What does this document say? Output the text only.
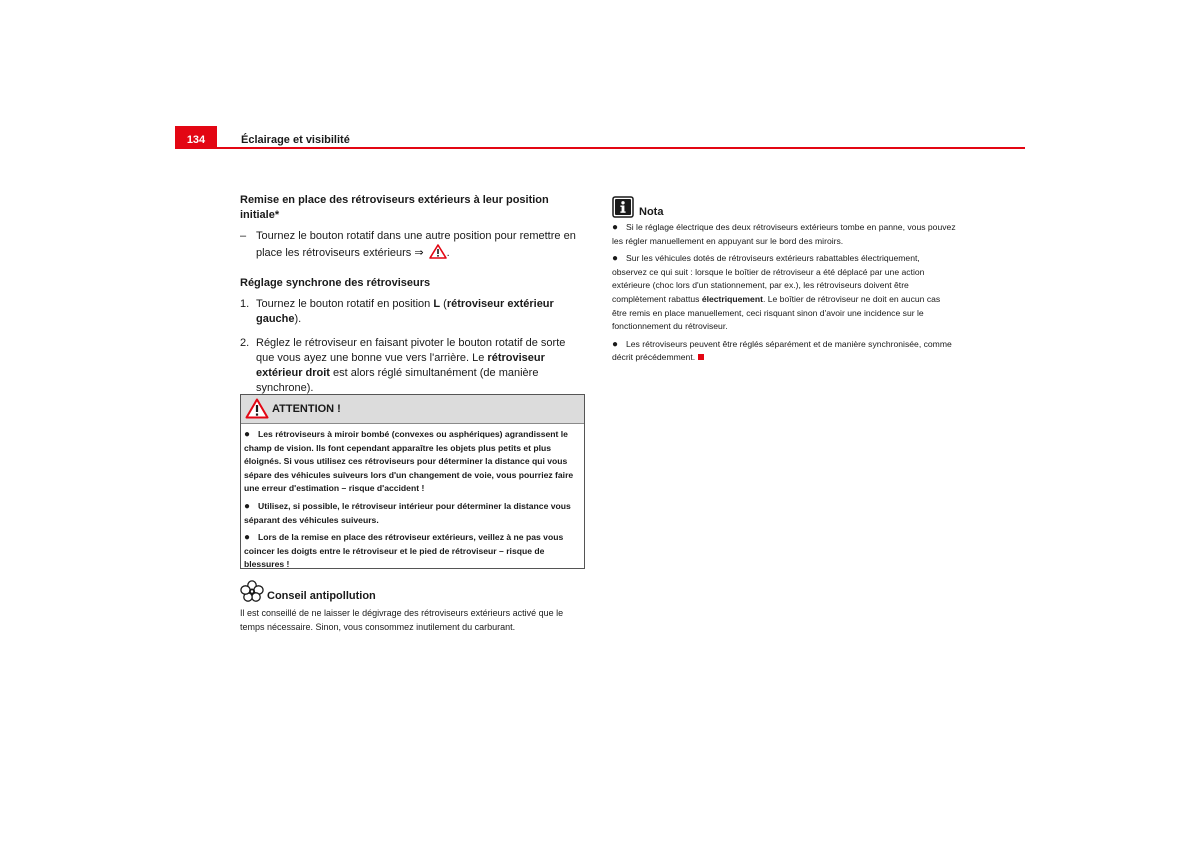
134	Éclairage et visibilité
Remise en place des rétroviseurs extérieurs à leur position initiale*
– Tournez le bouton rotatif dans une autre position pour remettre en place les rétroviseurs extérieurs ⇒ .
Réglage synchrone des rétroviseurs
1. Tournez le bouton rotatif en position L (rétroviseur extérieur gauche).
2. Réglez le rétroviseur en faisant pivoter le bouton rotatif de sorte que vous ayez une bonne vue vers l'arrière. Le rétroviseur extérieur droit est alors réglé simultanément (de manière synchrone).
ATTENTION !

● Les rétroviseurs à miroir bombé (convexes ou asphériques) agrandissent le champ de vision. Ils font cependant apparaître les objets plus petits et plus éloignés. Si vous utilisez ces rétroviseurs pour déterminer la distance qui vous sépare des véhicules suiveurs lors d'un changement de voie, vous pourriez faire une erreur d'estimation – risque d'accident !

● Utilisez, si possible, le rétroviseur intérieur pour déterminer la distance vous séparant des véhicules suiveurs.

● Lors de la remise en place des rétroviseur extérieurs, veillez à ne pas vous coincer les doigts entre le rétroviseur et le pied de rétroviseur – risque de blessures !

Conseil antipollution
Il est conseillé de ne laisser le dégivrage des rétroviseurs extérieurs activé que le temps nécessaire. Sinon, vous consommez inutilement du carburant.
Nota

● Si le réglage électrique des deux rétroviseurs extérieurs tombe en panne, vous pouvez les régler manuellement en appuyant sur le bord des miroirs.

● Sur les véhicules dotés de rétroviseurs extérieurs rabattables électriquement, observez ce qui suit : lorsque le boîtier de rétroviseur a été déplacé par une action extérieure (choc lors d'un stationnement, par ex.), les rétroviseurs doivent être complètement rabattus électriquement. Le boîtier de rétroviseur ne doit en aucun cas être remis en place manuellement, ceci risquant sinon d'avoir une incidence sur le fonctionnement du rétroviseur.

● Les rétroviseurs peuvent être réglés séparément et de manière synchronisée, comme décrit précédemment.
